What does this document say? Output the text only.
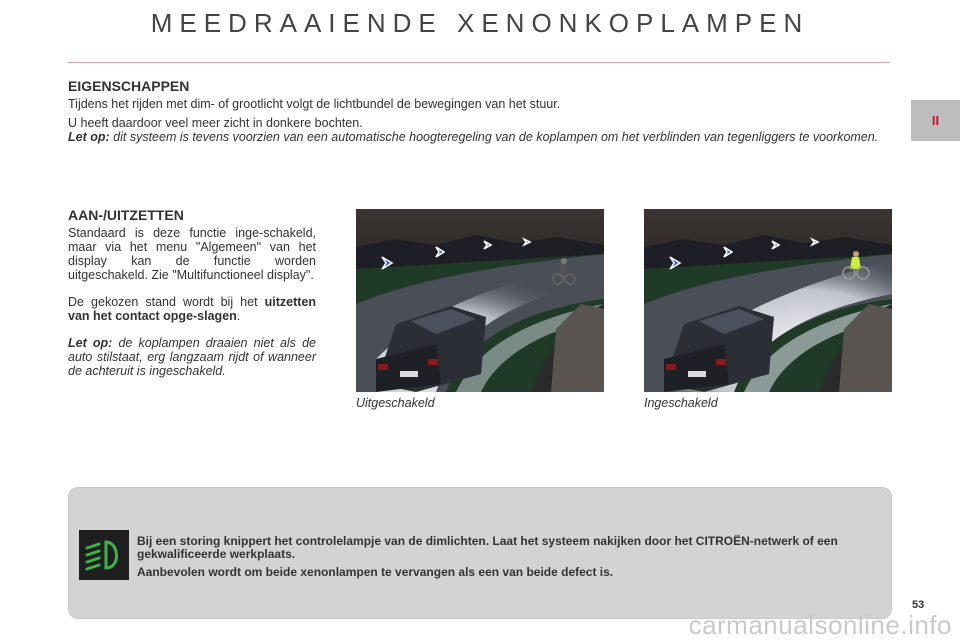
MEEDRAAIENDE XENONKOPLAMPEN
II
EIGENSCHAPPEN

Tijdens het rijden met dim- of grootlicht volgt de lichtbundel de bewegingen van het stuur.

U heeft daardoor veel meer zicht in donkere bochten.

Let op: dit systeem is tevens voorzien van een automatische hoogteregeling van de koplampen om het verblinden van tegenliggers te voorkomen.

AAN-/UITZETTEN

Standaard is deze functie inge-schakeld, maar via het menu "Algemeen" van het display kan de functie worden uitgeschakeld. Zie "Multifunctioneel display".

De gekozen stand wordt bij het uitzetten van het contact opge-slagen.

Let op: de koplampen draaien niet als de auto stilstaat, erg langzaam rijdt of wanneer de achteruit is ingeschakeld.

Uitgeschakeld	Ingeschakeld

Bij een storing knippert het controlelampje van de dimlichten. Laat het systeem nakijken door het CITROËN-netwerk of een gekwalificeerde werkplaats.

Aanbevolen wordt om beide xenonlampen te vervangen als een van beide defect is.

53
carmanualsonline.info
